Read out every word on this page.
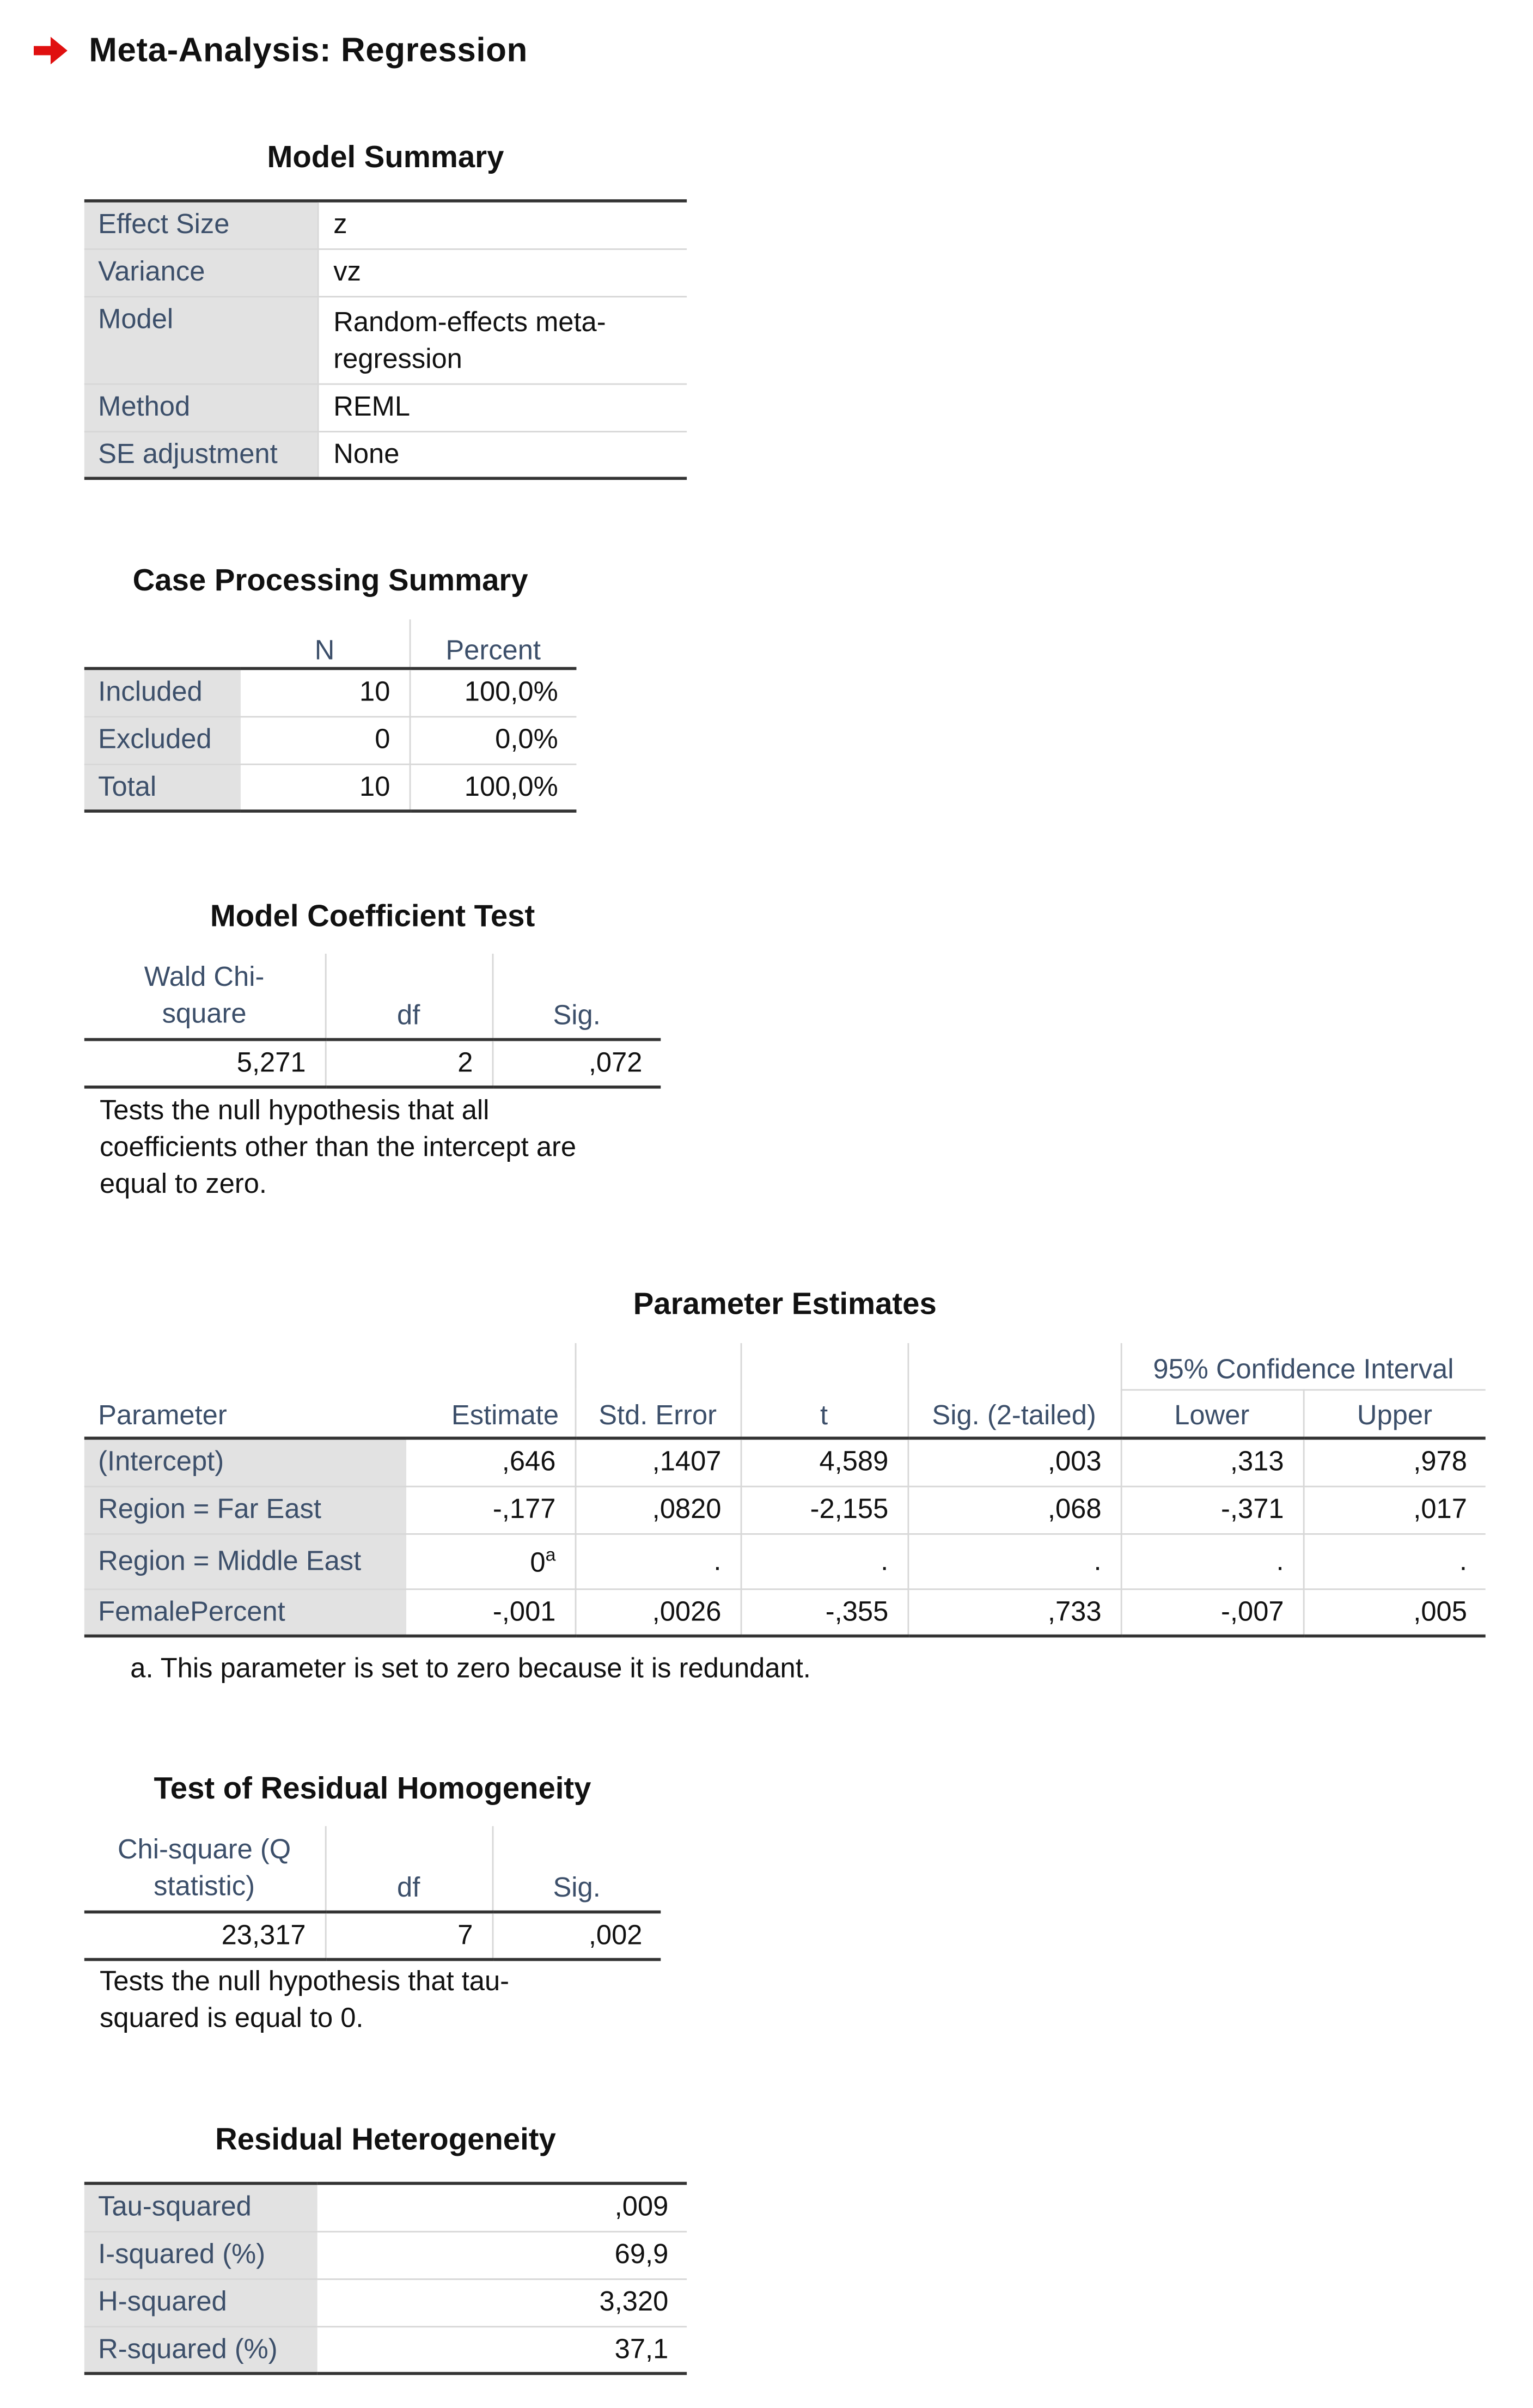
Meta-Analysis: Regression
Model Summary
Effect Size	z
Variance	vz
Model	Random-effects meta-
regression

Method	REML
SE adjustment	None
Case Processing Summary
	N	Percent
Included	10	100,0%
Excluded	0	0,0%
Total	10	100,0%
Model Coefficient Test
Wald Chi-
square	df	Sig.
5,271	2	,072
Tests the null hypothesis that all
coefficients other than the intercept are
equal to zero.
Parameter Estimates
Parameter	Estimate	Std. Error	t	Sig. (2-tailed)	95% Confidence Interval	
					Lower	Upper
(Intercept)	,646	,1407	4,589	,003	,313	,978
Region = Far East	-,177	,0820	-2,155	,068	-,371	,017
Region = Middle East	0$^a$	.	.	.	.	.
FemalePercent	-,001	,0026	-,355	,733	-,007	,005
a. This parameter is set to zero because it is redundant.
Test of Residual Homogeneity
Chi-square (Q
statistic)	df	Sig.
23,317	7	,002
Tests the null hypothesis that tau-
squared is equal to 0.
Residual Heterogeneity
Tau-squared	,009
I-squared (%)	69,9
H-squared	3,320
R-squared (%)	37,1
